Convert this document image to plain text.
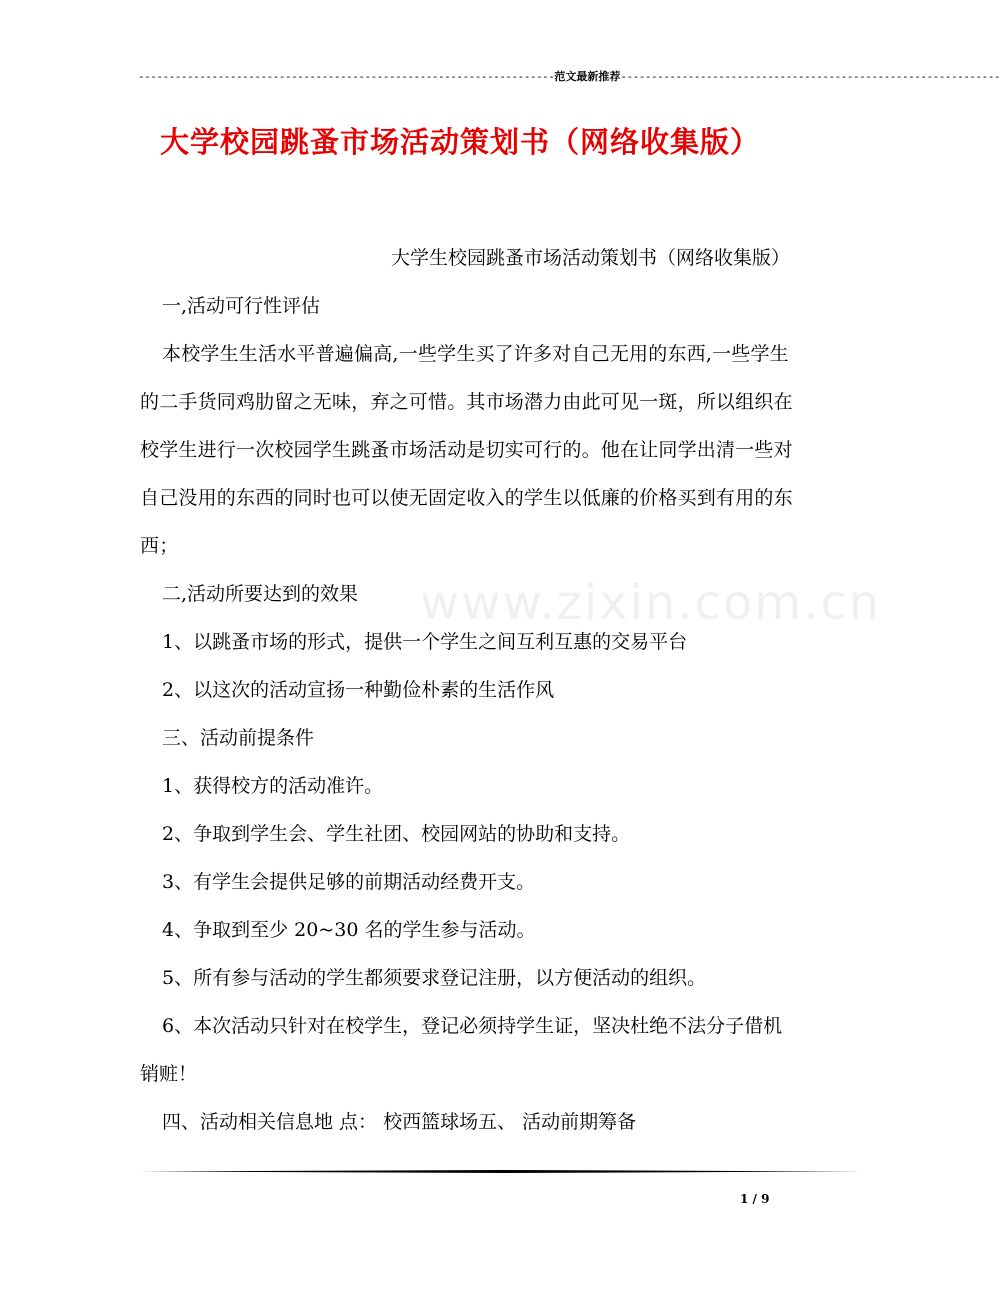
--------------------------------------------------------------------范文最新推荐--------------------------------------------------------------
大学校园跳蚤市场活动策划书（网络收集版）
www.zixin.com.cn

大学生校园跳蚤市场活动策划书（网络收集版）

一,活动可行性评估

本校学生生活水平普遍偏高,一些学生买了许多对自己无用的东西,一些学生的二手货同鸡肋留之无味，弃之可惜。其市场潜力由此可见一斑，所以组织在校学生进行一次校园学生跳蚤市场活动是切实可行的。他在让同学出清一些对自己没用的东西的同时也可以使无固定收入的学生以低廉的价格买到有用的东西；

二,活动所要达到的效果

1、以跳蚤市场的形式，提供一个学生之间互利互惠的交易平台

2、以这次的活动宣扬一种勤俭朴素的生活作风

三、活动前提条件

1、获得校方的活动准许。

2、争取到学生会、学生社团、校园网站的协助和支持。

3、有学生会提供足够的前期活动经费开支。

4、争取到至少 20~30 名的学生参与活动。

5、所有参与活动的学生都须要求登记注册，以方便活动的组织。

6、本次活动只针对在校学生，登记必须持学生证，坚决杜绝不法分子借机销赃！

四、活动相关信息地 点： 校西篮球场五、 活动前期筹备

1 / 9
